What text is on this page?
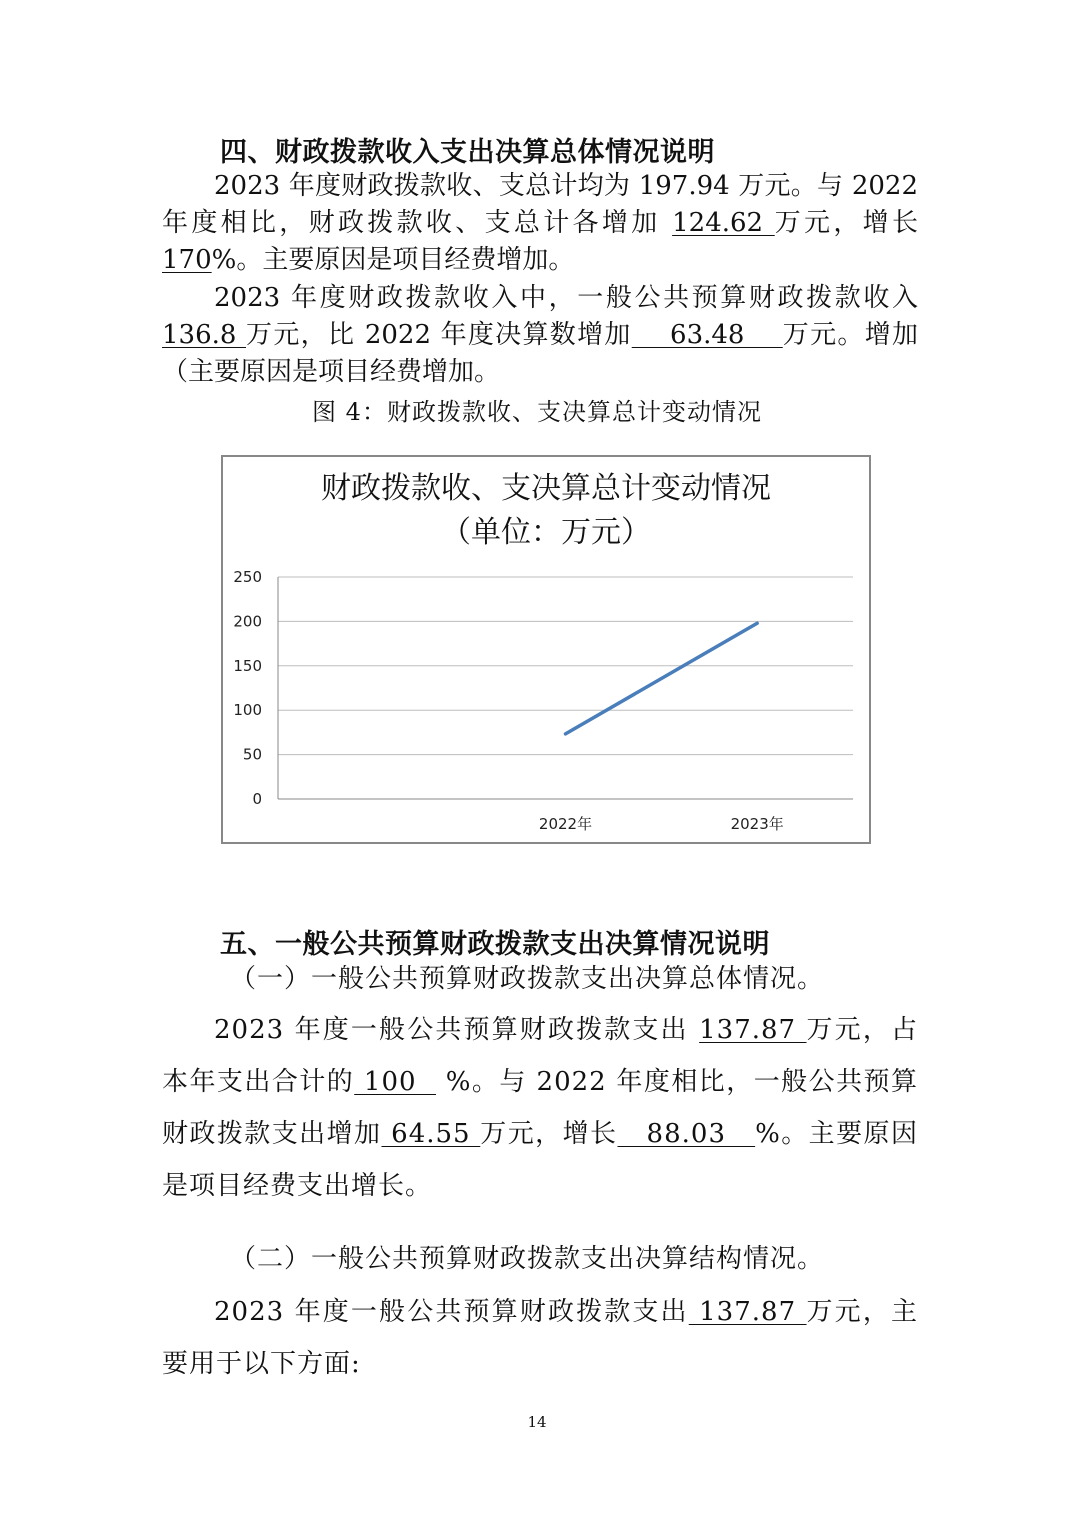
四、财政拨款收入支出决算总体情况说明
2023 年度财政拨款收、支总计均为 197.94 万元。与 2022 年度相比，财政拨款收、支总计各增加 124.62 万元，增长 170%。主要原因是项目经费增加。
2023 年度财政拨款收入中，一般公共预算财政拨款收入 136.8 万元，比 2022 年度决算数增加    63.48    万元。增加（主要原因是项目经费增加。
图 4：财政拨款收、支决算总计变动情况
财政拨款收、支决算总计变动情况
（单位：万元）
0
50
100
150
200
250
2022年	2023年
五、一般公共预算财政拨款支出决算情况说明
（一）一般公共预算财政拨款支出决算总体情况。
2023 年度一般公共预算财政拨款支出 137.87 万元，占本年支出合计的 100   %。与 2022 年度相比，一般公共预算财政拨款支出增加 64.55 万元，增长   88.03   %。主要原因是项目经费支出增长。
（二）一般公共预算财政拨款支出决算结构情况。
2023 年度一般公共预算财政拨款支出 137.87 万元，主要用于以下方面:
14
